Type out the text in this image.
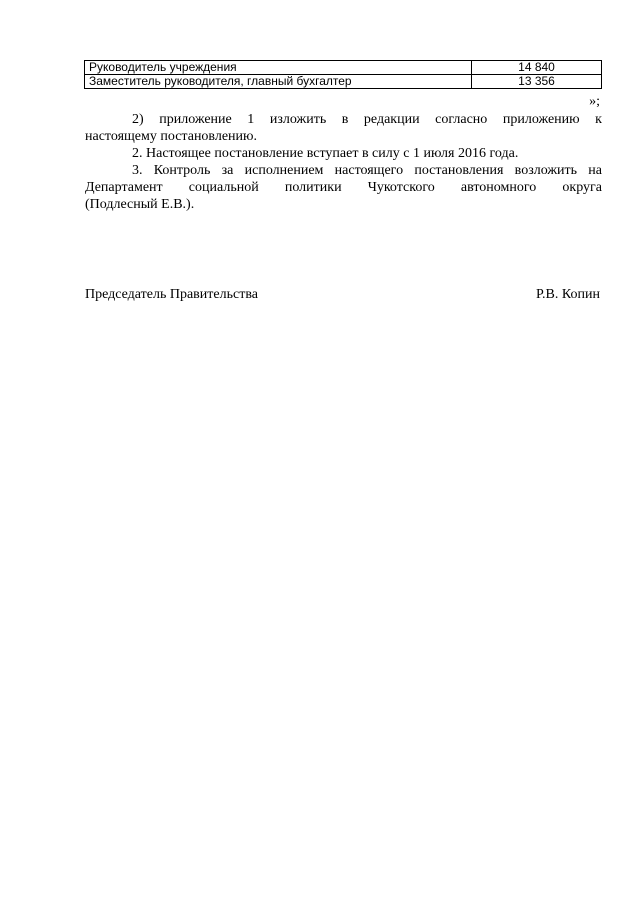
Руководитель учреждения	14 840
Заместитель руководителя, главный бухгалтер	13 356
»;
2) приложение 1 изложить в редакции согласно приложению к
настоящему постановлению.
2. Настоящее постановление вступает в силу с 1 июля 2016 года.
3. Контроль за исполнением настоящего постановления возложить на
Департамент социальной политики Чукотского автономного округа
(Подлесный Е.В.).
Председатель Правительства	Р.В. Копин
